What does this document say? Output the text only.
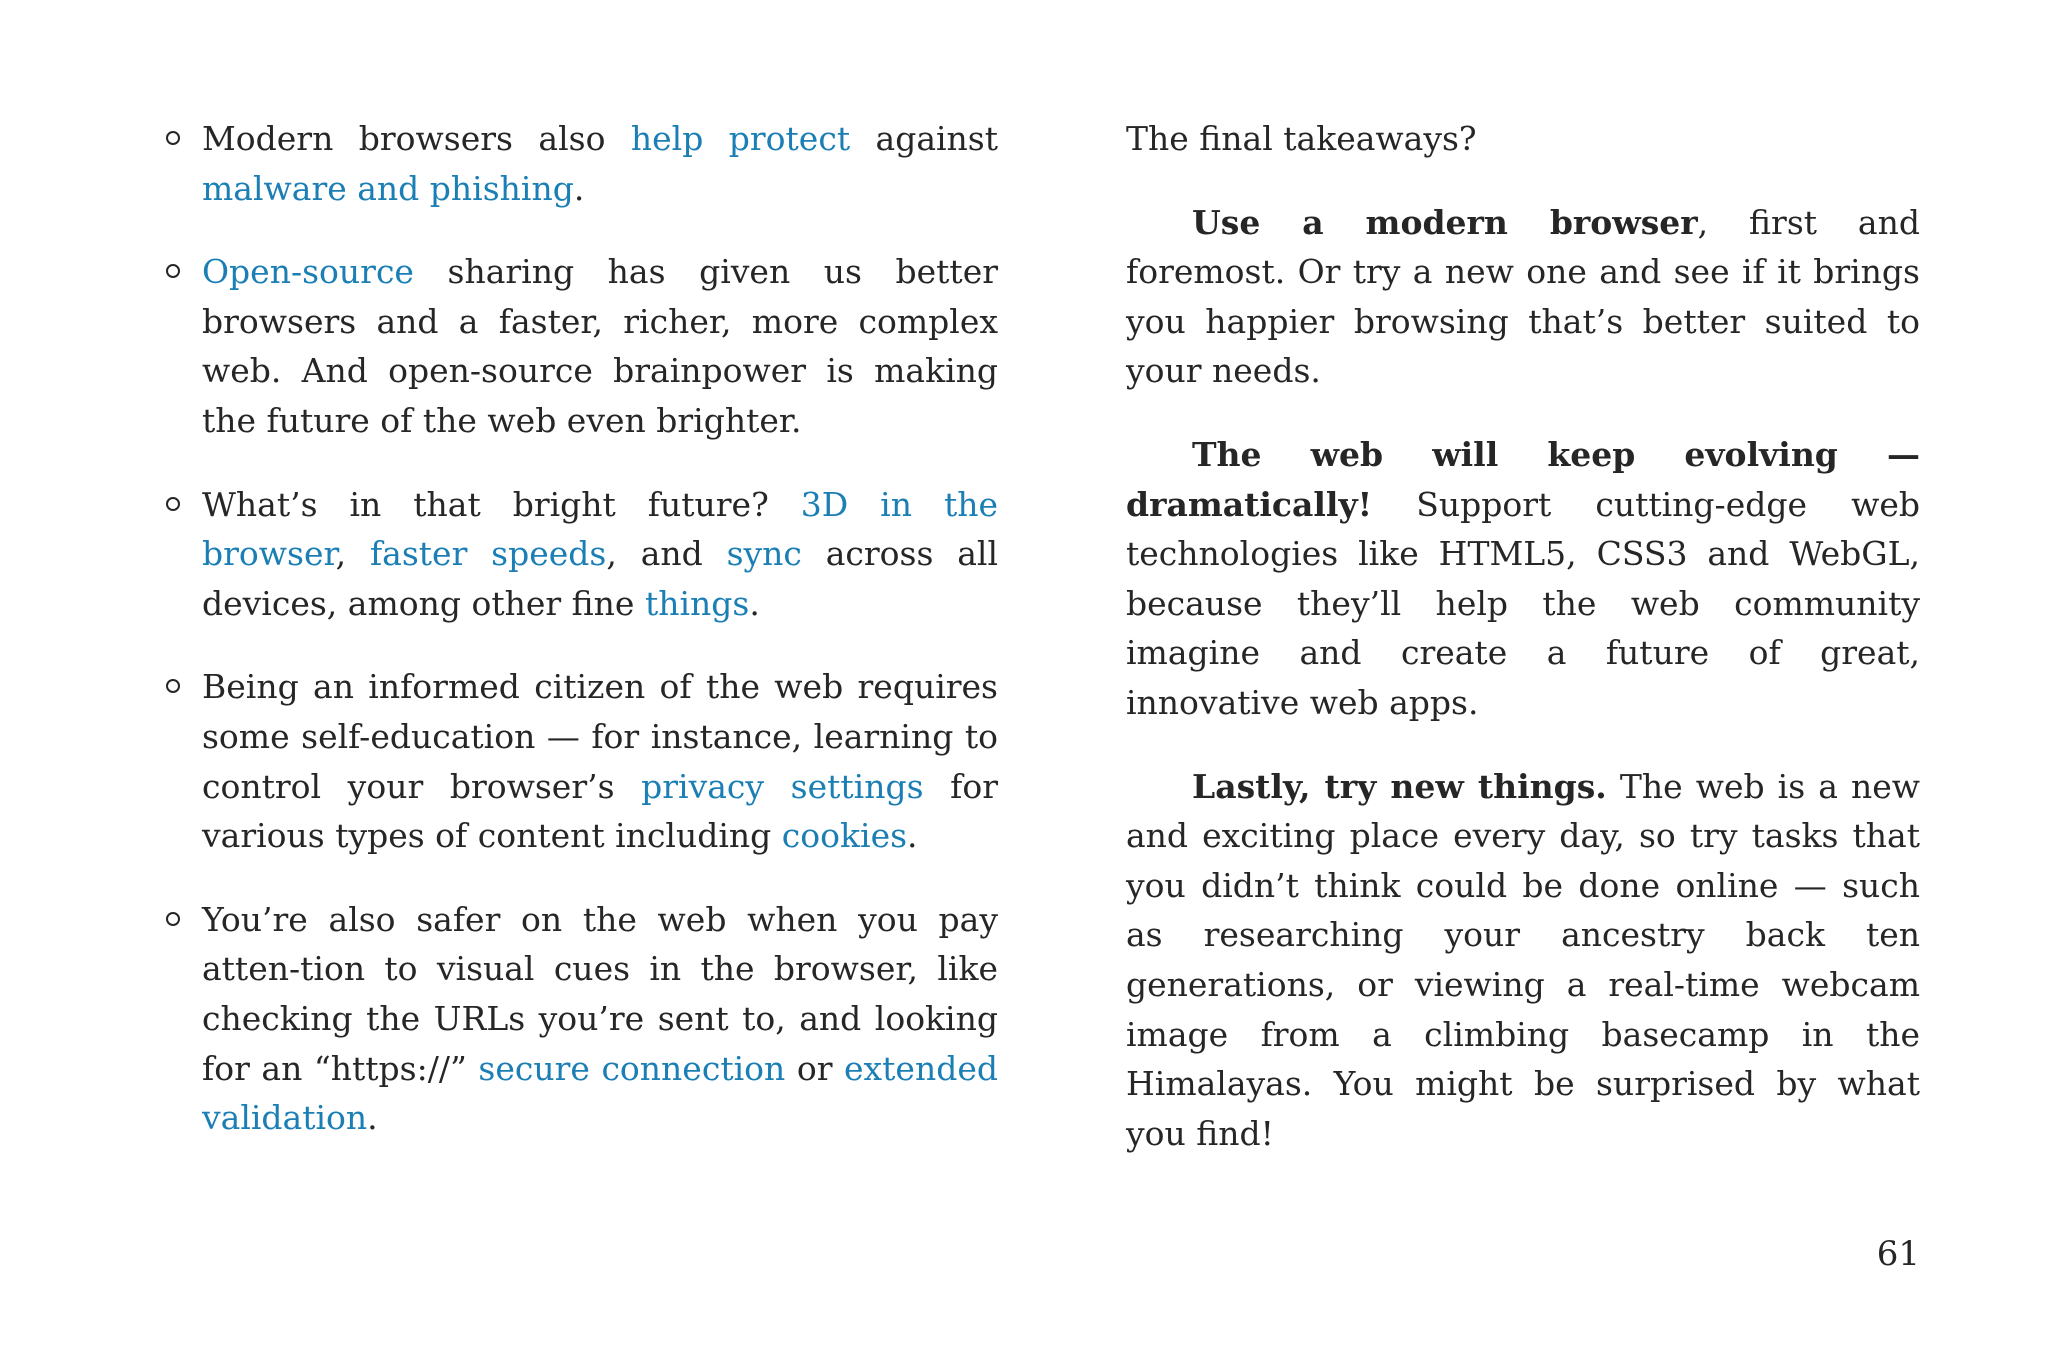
Modern browsers also help protect against malware and phishing.
Open-source sharing has given us better browsers and a faster, richer, more complex web. And open-source brainpower is making the future of the web even brighter.
What’s in that bright future? 3D in the browser, faster speeds, and sync across all devices, among other fine things.
Being an informed citizen of the web requires some self-education — for instance, learning to control your browser’s privacy settings for various types of content including cookies.
You’re also safer on the web when you pay atten-tion to visual cues in the browser, like checking the URLs you’re sent to, and looking for an “https://” secure connection or extended validation.

The final takeaways?

Use a modern browser, first and foremost. Or try a new one and see if it brings you happier browsing that’s better suited to your needs.

The web will keep evolving — dramatically! Support cutting-edge web technologies like HTML5, CSS3 and WebGL, because they’ll help the web community imagine and create a future of great, innovative web apps.

Lastly, try new things. The web is a new and exciting place every day, so try tasks that you didn’t think could be done online — such as researching your ancestry back ten generations, or viewing a real-time webcam image from a climbing basecamp in the Himalayas. You might be surprised by what you find!

61
